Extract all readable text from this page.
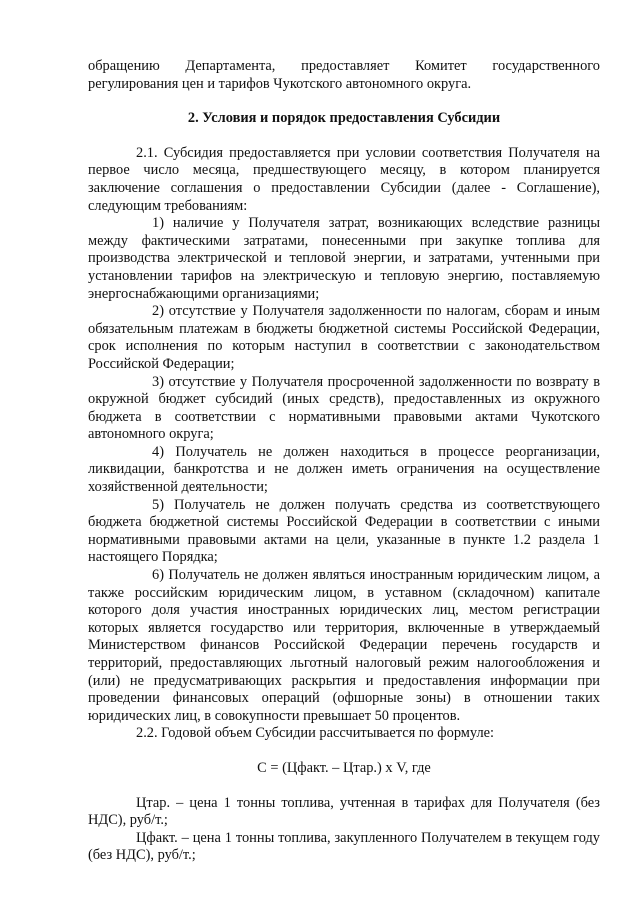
обращению Департамента, предоставляет Комитет государственного регулирования цен и тарифов Чукотского автономного округа.

2. Условия и порядок предоставления Субсидии

2.1. Субсидия предоставляется при условии соответствия Получателя на первое число месяца, предшествующего месяцу, в котором планируется заключение соглашения о предоставлении Субсидии (далее - Соглашение), следующим требованиям:

1) наличие у Получателя затрат, возникающих вследствие разницы между фактическими затратами, понесенными при закупке топлива для производства электрической и тепловой энергии, и затратами, учтенными при установлении тарифов на электрическую и тепловую энергию, поставляемую энергоснабжающими организациями;

2) отсутствие у Получателя задолженности по налогам, сборам и иным обязательным платежам в бюджеты бюджетной системы Российской Федерации, срок исполнения по которым наступил в соответствии с законодательством Российской Федерации;

3) отсутствие у Получателя просроченной задолженности по возврату в окружной бюджет субсидий (иных средств), предоставленных из окружного бюджета в соответствии с нормативными правовыми актами Чукотского автономного округа;

4) Получатель не должен находиться в процессе реорганизации, ликвидации, банкротства и не должен иметь ограничения на осуществление хозяйственной деятельности;

5) Получатель не должен получать средства из соответствующего бюджета бюджетной системы Российской Федерации в соответствии с иными нормативными правовыми актами на цели, указанные в пункте 1.2 раздела 1 настоящего Порядка;

6) Получатель не должен являться иностранным юридическим лицом, а также российским юридическим лицом, в уставном (складочном) капитале которого доля участия иностранных юридических лиц, местом регистрации которых является государство или территория, включенные в утверждаемый Министерством финансов Российской Федерации перечень государств и территорий, предоставляющих льготный налоговый режим налогообложения и (или) не предусматривающих раскрытия и предоставления информации при проведении финансовых операций (офшорные зоны) в отношении таких юридических лиц, в совокупности превышает 50 процентов.

2.2. Годовой объем Субсидии рассчитывается по формуле:

С = (Цфакт. – Цтар.) х V, где

Цтар. – цена 1 тонны топлива, учтенная в тарифах для Получателя (без НДС), руб/т.;

Цфакт. – цена 1 тонны топлива, закупленного Получателем в текущем году (без НДС), руб/т.;
